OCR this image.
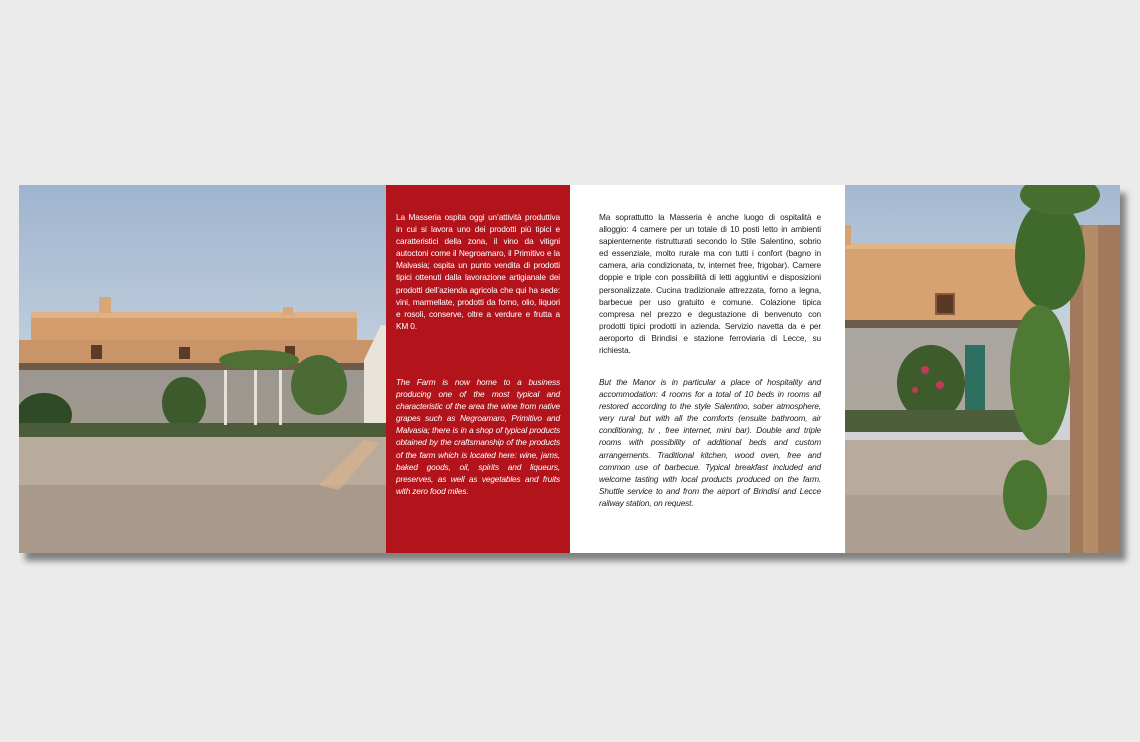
La Masseria ospita oggi un’attività produttiva in cui si lavora uno dei prodotti più tipici e caratteristici della zona, il vino da vitigni autoctoni come il Negroamaro, il Primitivo e la Malvasia; ospita un punto vendita di prodotti tipici ottenuti dalla lavorazione artigianale dei prodotti dell’azienda agricola che qui ha sede: vini, marmellate, prodotti da forno, olio, liquori e rosoli, conserve, oltre a verdure e frutta a KM 0.
The Farm is now home to a business producing one of the most typical and characteristic of the area the wine from native grapes such as Negroamaro, Primitivo and Malvasia; there is in a shop of typical products obtained by the craftsmanship of the products of the farm which is located here: wine, jams, baked goods, oil, spirits and liqueurs, preserves, as well as vegetables and fruits with zero food miles.
Ma soprattutto la Masseria è anche luogo di ospitalità e alloggio: 4 camere per un totale di 10 posti letto in ambienti sapientemente ristrutturati secondo lo Stile Salentino, sobrio ed essenziale, molto rurale ma con tutti i confort (bagno in camera, aria condizionata, tv, internet free, frigobar). Camere doppie e triple con possibilità di letti aggiuntivi e disposizioni personalizzate. Cucina tradizionale attrezzata, forno a legna, barbecue per uso gratuito e comune. Colazione tipica compresa nel prezzo e degustazione di benvenuto con prodotti tipici prodotti in azienda. Servizio navetta da e per aeroporto di Brindisi e stazione ferroviaria di Lecce, su richiesta.
But the Manor is in particular a place of hospitality and accommodation: 4 rooms for a total of 10 beds in rooms all restored according to the style Salentino, sober atmosphere, very rural but with all the comforts (ensuite bathroom, air conditioning, tv , free internet, mini bar). Double and triple rooms with possibility of additional beds and custom arrangements. Traditional kitchen, wood oven, free and common use of barbecue. Typical breakfast included and welcome tasting with local products produced on the farm. Shuttle service to and from the airport of Brindisi and Lecce railway station, on request.
